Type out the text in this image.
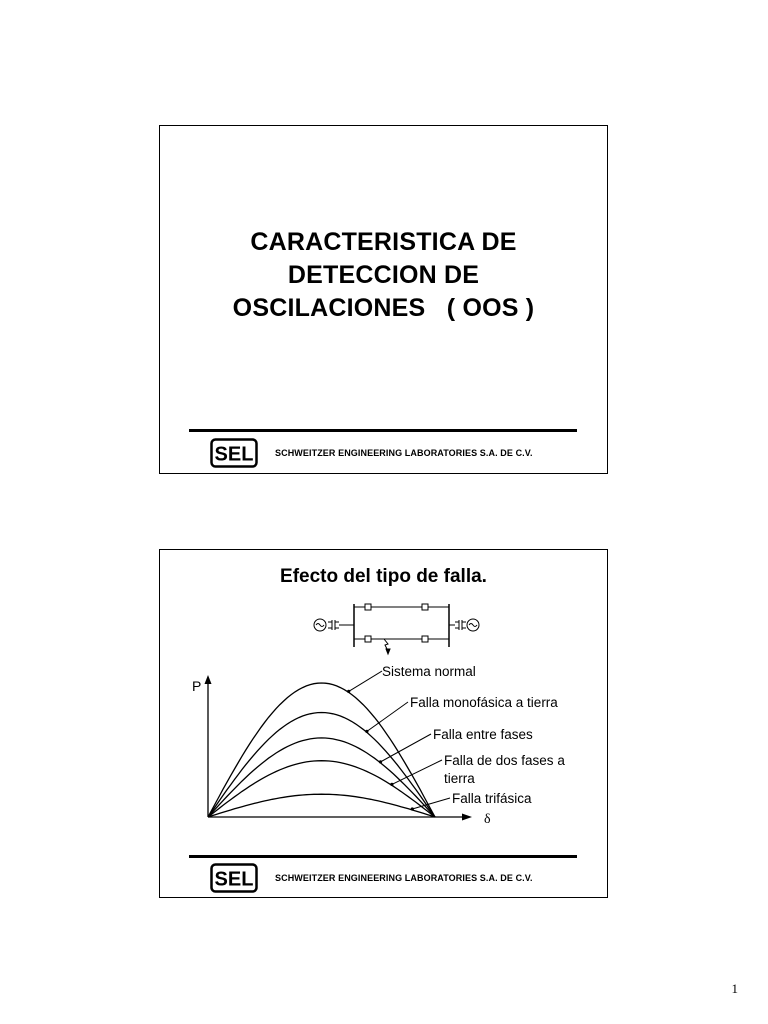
CARACTERISTICA DE
DETECCION DE
OSCILACIONES   ( OOS )
SEL SCHWEITZER ENGINEERING LABORATORIES S.A. DE C.V.
Efecto del tipo de falla.
P
δ
Sistema normal
Falla monofásica a tierra
Falla entre fases
Falla de dos fases a
tierra
Falla trifásica
SEL SCHWEITZER ENGINEERING LABORATORIES S.A. DE C.V.
1
